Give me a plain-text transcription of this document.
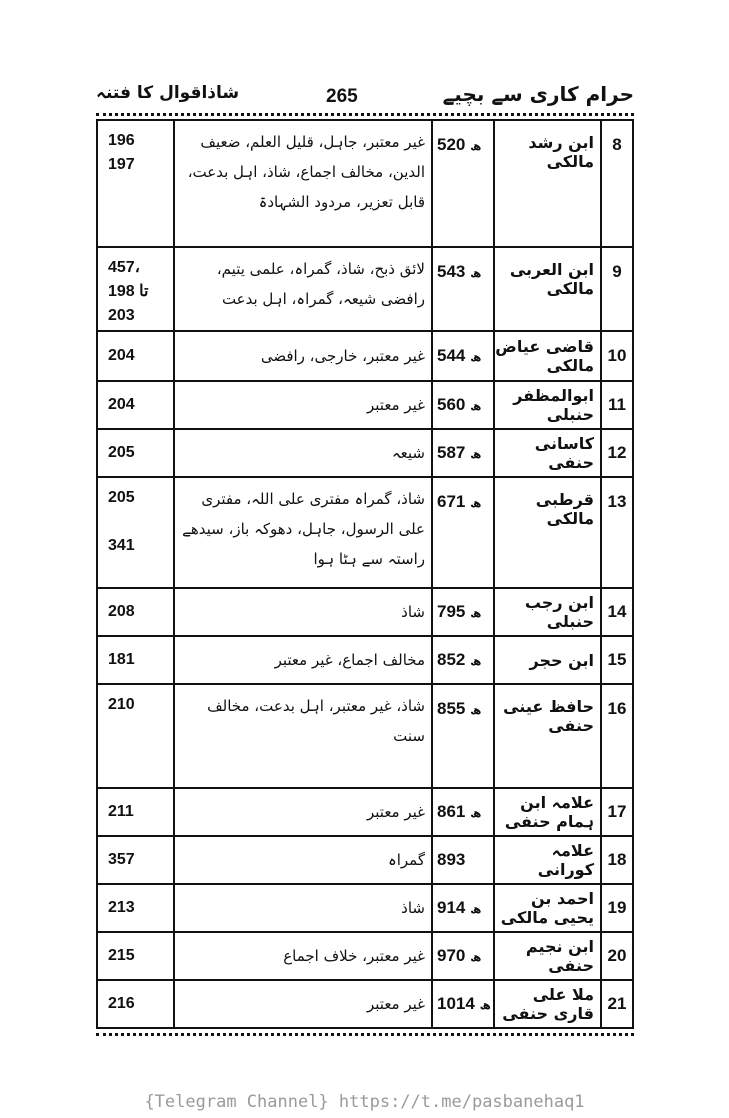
حرام کاری سے بچیے
265
شاذاقوال کا فتنہ
8	ابن رشد مالکی	520 ھ	غیر معتبر، جاہل، قلیل العلم، ضعیف الدین، مخالف اجماع، شاذ، اہل بدعت، قابل تعزیر، مردود الشہادۃ	196
197

9	ابن العربی مالکی	543 ھ	لائق ذبح، شاذ، گمراہ، علمی یتیم، رافضی شیعہ، گمراہ، اہل بدعت	457،
198 تا
203

10	قاضی عیاض مالکی	544 ھ	غیر معتبر، خارجی، رافضی	204

11	ابوالمظفر حنبلی	560 ھ	غیر معتبر	204

12	کاسانی حنفی	587 ھ	شیعہ	205

13	قرطبی مالکی	671 ھ	شاذ، گمراہ مفتری علی اللہ، مفتری علی الرسول، جاہل، دھوکہ باز، سیدھے راستہ سے ہٹا ہوا	205
341

14	ابن رجب حنبلی	795 ھ	شاذ	208

15	ابن حجر	852 ھ	مخالف اجماع، غیر معتبر	181

16	حافظ عینی حنفی	855 ھ	شاذ، غیر معتبر، اہل بدعت، مخالف سنت	210

17	علامہ ابن ہمام حنفی	861 ھ	غیر معتبر	211

18	علامہ کورانی	893	گمراہ	357

19	احمد بن یحیی مالکی	914 ھ	شاذ	213

20	ابن نجیم حنفی	970 ھ	غیر معتبر، خلاف اجماع	215

21	ملا علی قاری حنفی	1014 ھ	غیر معتبر	216
{Telegram Channel} https://t.me/pasbanehaq1
